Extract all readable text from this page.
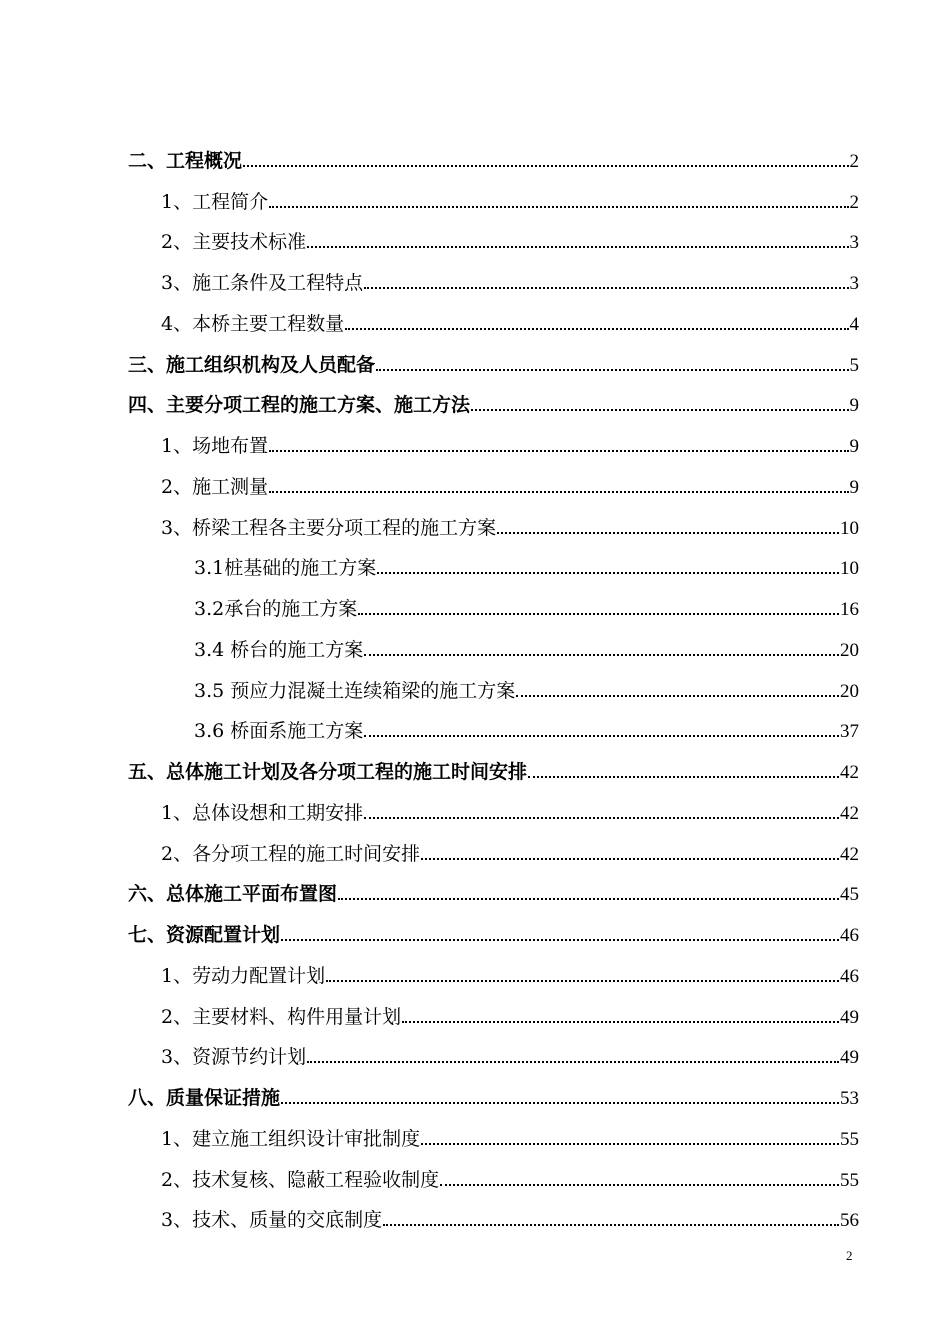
二、工程概况	2
1、工程简介	2
2、主要技术标准	3
3、施工条件及工程特点	3
4、本桥主要工程数量	4
三、施工组织机构及人员配备	5
四、主要分项工程的施工方案、施工方法	9
1、场地布置	9
2、施工测量	9
3、桥梁工程各主要分项工程的施工方案	10
3.1桩基础的施工方案	10
3.2承台的施工方案	16
3.4 桥台的施工方案	20
3.5 预应力混凝土连续箱梁的施工方案	20
3.6 桥面系施工方案	37
五、总体施工计划及各分项工程的施工时间安排	42
1、总体设想和工期安排	42
2、各分项工程的施工时间安排	42
六、总体施工平面布置图	45
七、资源配置计划	46
1、劳动力配置计划	46
2、主要材料、构件用量计划	49
3、资源节约计划	49
八、质量保证措施	53
1、建立施工组织设计审批制度	55
2、技术复核、隐蔽工程验收制度	55
3、技术、质量的交底制度	56
2
